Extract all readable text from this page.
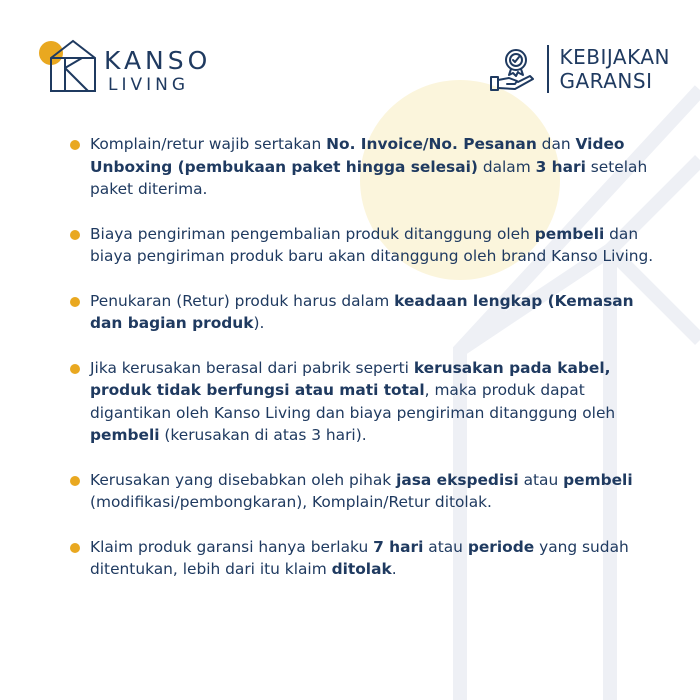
KANSO
LIVING
KEBIJAKAN
GARANSI
Komplain/retur wajib sertakan No. Invoice/No. Pesanan dan Video Unboxing (pembukaan paket hingga selesai) dalam 3 hari setelah paket diterima.
Biaya pengiriman pengembalian produk ditanggung oleh pembeli dan biaya pengiriman produk baru akan ditanggung oleh brand Kanso Living.
Penukaran (Retur) produk harus dalam keadaan lengkap (Kemasan dan bagian produk).
Jika kerusakan berasal dari pabrik seperti kerusakan pada kabel, produk tidak berfungsi atau mati total, maka produk dapat digantikan oleh Kanso Living dan biaya pengiriman ditanggung oleh pembeli (kerusakan di atas 3 hari).
Kerusakan yang disebabkan oleh pihak jasa ekspedisi atau pembeli (modifikasi/pembongkaran), Komplain/Retur ditolak.
Klaim produk garansi hanya berlaku 7 hari atau periode yang sudah ditentukan, lebih dari itu klaim ditolak.
